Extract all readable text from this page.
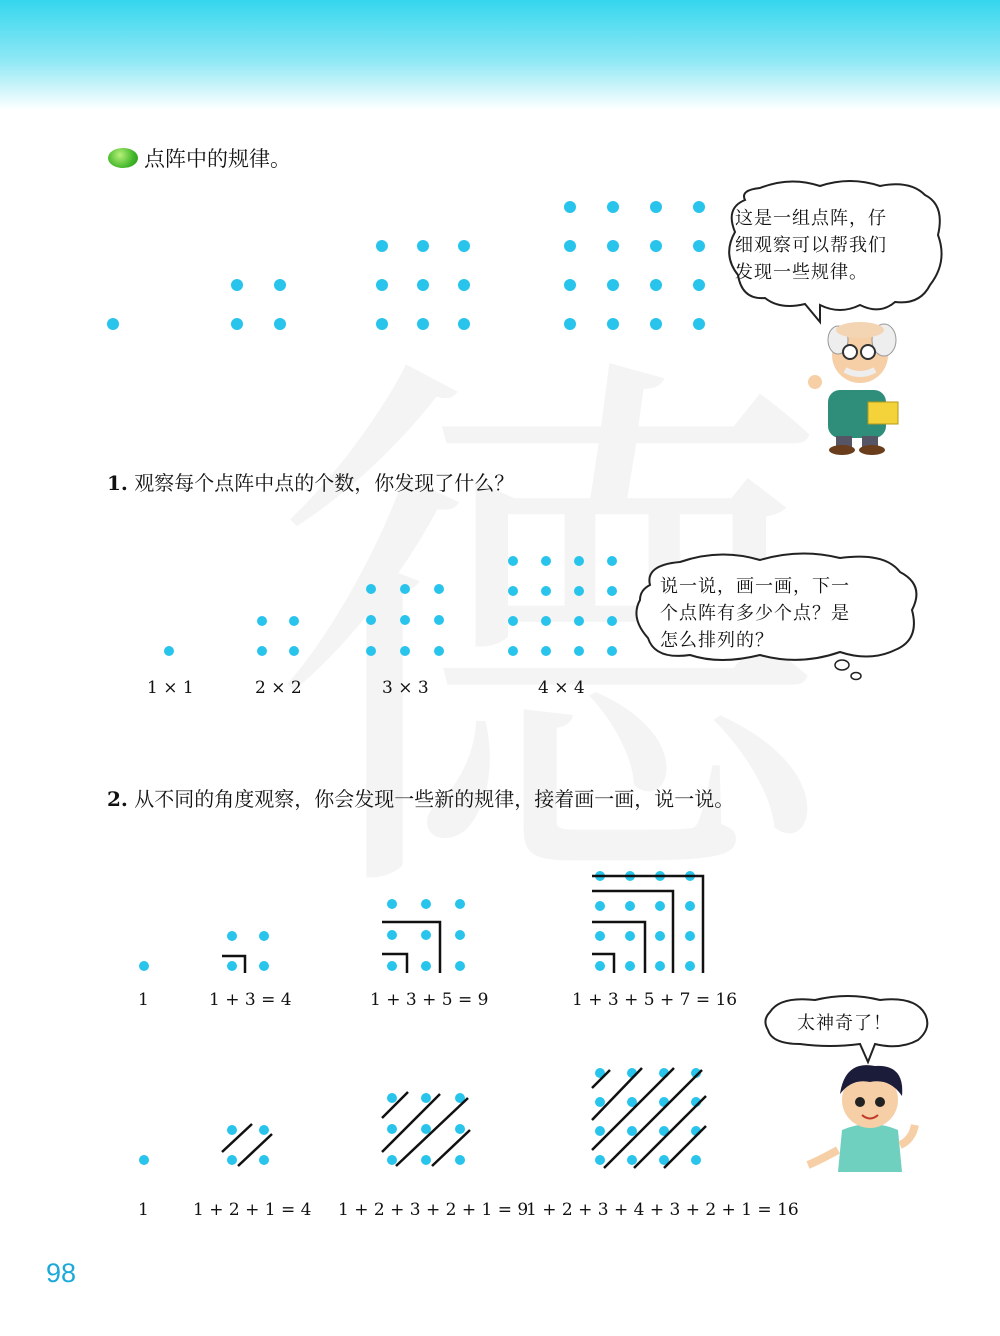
点阵中的规律。
这是一组点阵，仔
细观察可以帮我们
发现一些规律。
1. 观察每个点阵中点的个数，你发现了什么？
1 × 1	2 × 2	3 × 3	4 × 4
说一说，画一画，下一
个点阵有多少个点？是
怎么排列的？
2. 从不同的角度观察，你会发现一些新的规律，接着画一画，说一说。
1	1 + 3 = 4	1 + 3 + 5 = 9	1 + 3 + 5 + 7 = 16
太神奇了！
1	1 + 2 + 1 = 4 1 + 2 + 3 + 2 + 1 = 9
1 + 2 + 3 + 4 + 3 + 2 + 1 = 16
98
